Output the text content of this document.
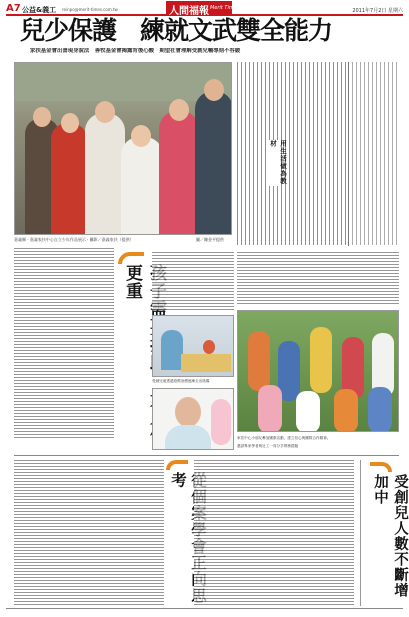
A7 公益&義工 reinpo@merit-times.com.tw	人間福報 Merit Times	2011年7月2日 星期六
兒少保護　練就文武雙全能力
家扶基金會出書現身說法　善牧基金會揭露背後心酸　期望社會理解受創兒輔導刻不容緩
嘉義縣 · 嘉義家扶中心自立少年作品展示 · 攝影／嘉義家扶（提供）	圖／陳金平提供
用生活做為教材
　更重
受創兒童透過遊戲治療逐漸走出陰霾
家扶中心小朋友參加團康活動，建立信心與團隊合作精神。
邀請專家學者與社工一同分享實務經驗
考	受創兒人數不斷增加中
